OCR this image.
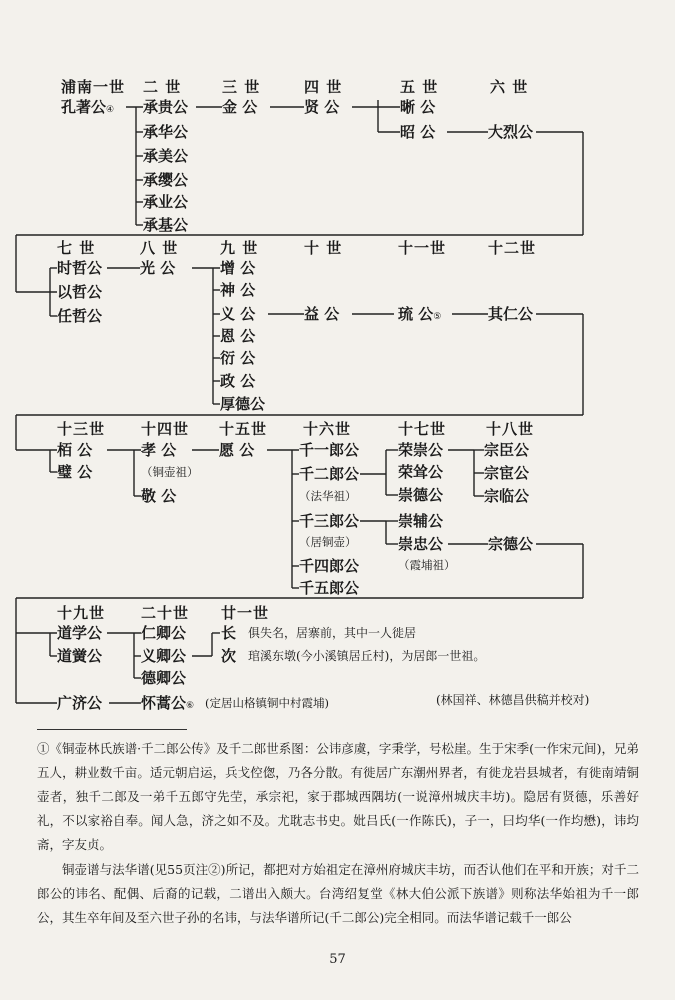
浦南一世 二 世	三 世	四 世	五 世	六 世
孔著公④ 承贵公
承华公
承美公
承缨公
承业公
承基公
金 公	贤 公	晰 公
昭 公	大烈公
七 世	八 世	九 世	十 世	十一世	十二世
时哲公
以哲公
任哲公
光 公	增 公
神 公
义 公
恩 公
衍 公
政 公
厚德公
益 公	琉 公⑤	其仁公
十三世 十四世 十五世 十六世	十七世	十八世
栢 公
璧 公
孝 公
（铜壶祖）
敬 公
愿 公	千一郎公
千二郎公
（法华祖）
千三郎公
（居铜壶）
千四郎公
千五郎公
荣崇公
荣耸公
崇德公
崇辅公
崇忠公
（霞埔祖）
宗臣公
宗宦公
宗临公
宗德公
十九世 二十世 廿一世
道学公
道黉公
仁卿公
义卿公
德卿公
长
次
俱失名，居寨前，其中一人徙居
琯溪东墩(今小溪镇居丘村)，为居郎一世祖。
广济公	怀蒿公⑥ (定居山格镇铜中村霞埔)	(林国祥、林德昌供稿并校对)
①《铜壶林氏族谱·千二郎公传》及千二郎世系图：公讳彦虞，字秉学，号松崖。生于宋季(一作宋元间)，兄弟五人，耕业数千亩。适元朝启运，兵戈倥偬，乃各分散。有徙居广东潮州界者，有徙龙岩县城者，有徙南靖铜壶者，独千二郎及一弟千五郎守先茔，承宗祀，家于郡城西隅坊(一说漳州城庆丰坊)。隐居有贤德，乐善好礼，不以家裕自奉。闻人急，济之如不及。尤耽志书史。妣吕氏(一作陈氏)，子一，曰均华(一作均懋)，讳均斋，字友贞。
铜壶谱与法华谱(见55页注②)所记，都把对方始祖定在漳州府城庆丰坊，而否认他们在平和开族；对千二郎公的讳名、配偶、后裔的记载，二谱出入颇大。台湾绍复堂《林大伯公派下族谱》则称法华始祖为千一郎公，其生卒年间及至六世子孙的名讳，与法华谱所记(千二郎公)完全相同。而法华谱记载千一郎公
57
